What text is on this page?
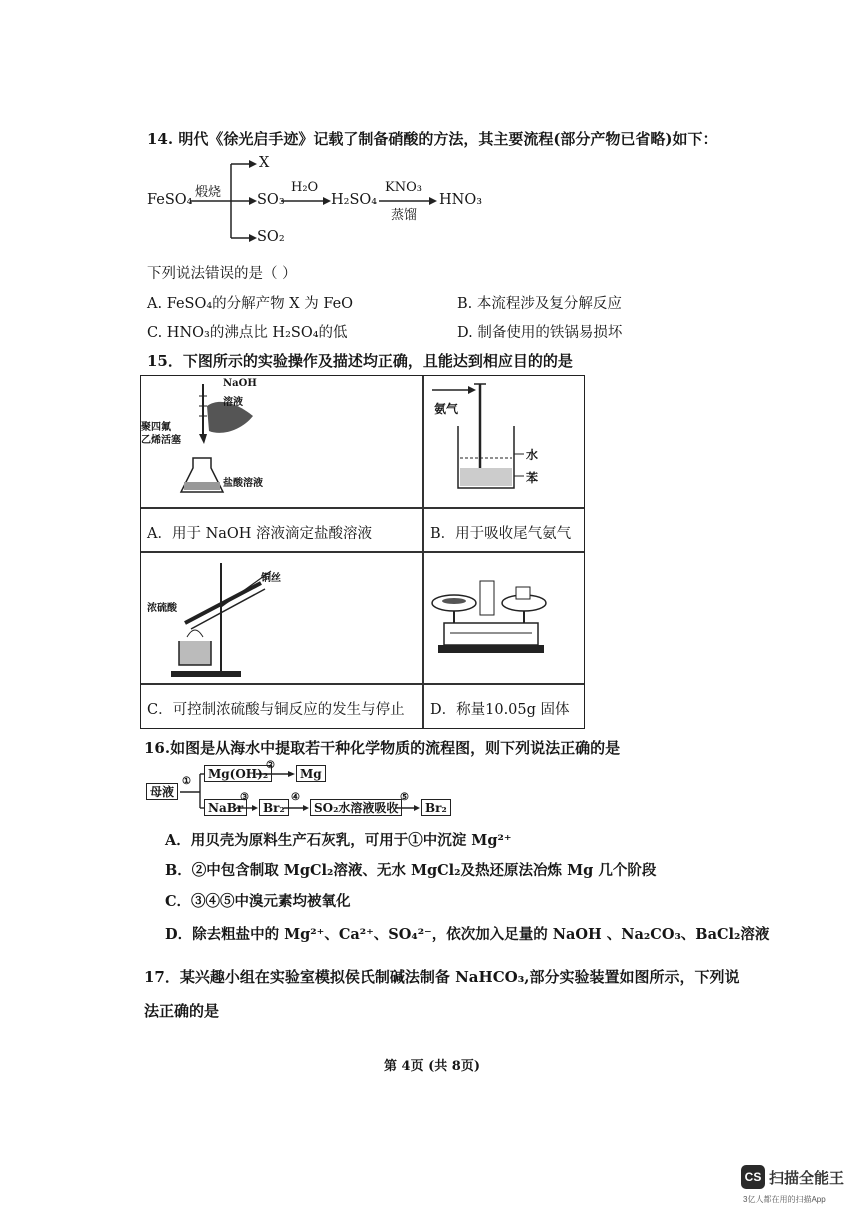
14. 明代《徐光启手迹》记载了制备硝酸的方法，其主要流程(部分产物已省略)如下：
FeSO₄ 煅烧
X
SO₃
SO₂
H₂O
H₂SO₄
KNO₃
蒸馏
HNO₃
下列说法错误的是（ ）
A. FeSO₄的分解产物 X 为 FeO	B. 本流程涉及复分解反应
C. HNO₃的沸点比 H₂SO₄的低	D. 制备使用的铁锅易损坏
15．下图所示的实验操作及描述均正确，且能达到相应目的的是
NaOH
溶液
聚四氟
乙烯活塞
盐酸溶液
氨气
水
苯
A．用于 NaOH 溶液滴定盐酸溶液	B．用于吸收尾气氨气
浓硫酸
铜丝
C．可控制浓硫酸与铜反应的发生与停止 D．称量10.05g 固体
16.如图是从海水中提取若干种化学物质的流程图，则下列说法正确的是
母液
①
Mg(OH)₂
②
Mg
NaBr
③
Br₂
④
SO₂水溶液吸收
⑤
Br₂
A．用贝壳为原料生产石灰乳，可用于①中沉淀 Mg²⁺
B．②中包含制取 MgCl₂溶液、无水 MgCl₂及热还原法冶炼 Mg 几个阶段
C．③④⑤中溴元素均被氧化
D．除去粗盐中的 Mg²⁺、Ca²⁺、SO₄²⁻，依次加入足量的 NaOH 、Na₂CO₃、BaCl₂溶液
17．某兴趣小组在实验室模拟侯氏制碱法制备 NaHCO₃,部分实验装置如图所示，下列说
法正确的是
第 4页 (共 8页)
CS 扫描全能王
3亿人都在用的扫描App
